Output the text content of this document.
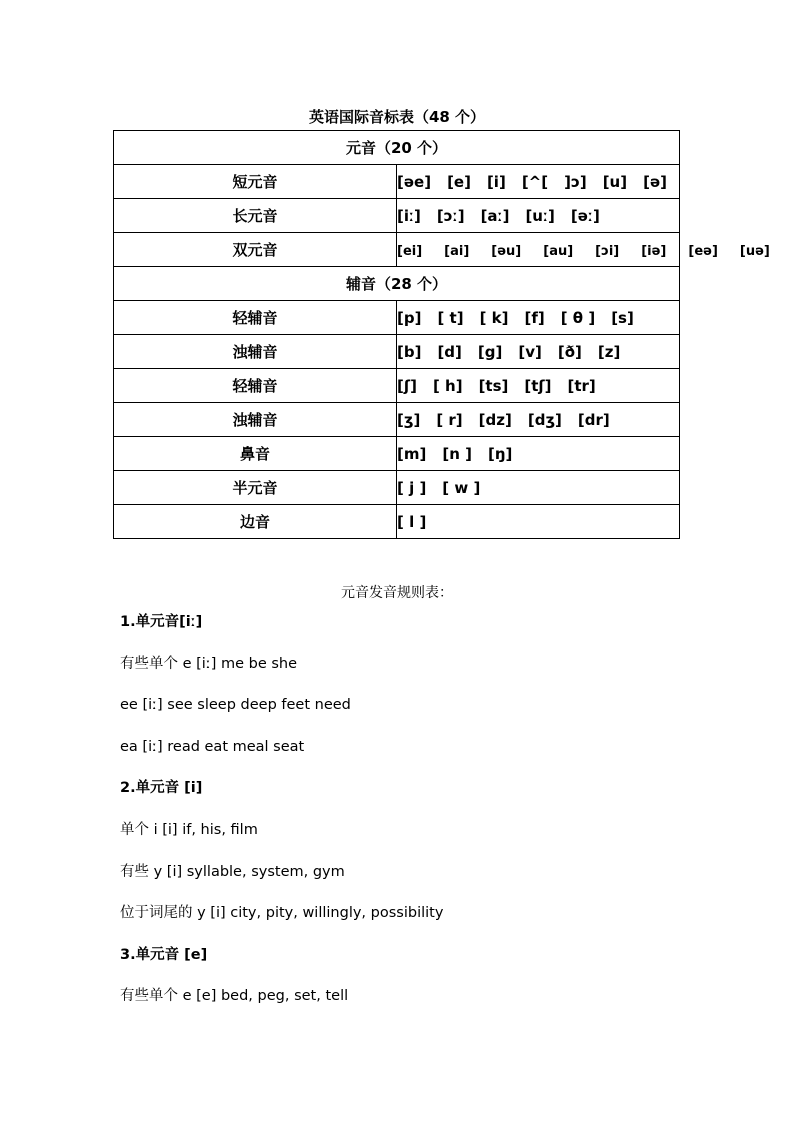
英语国际音标表（48 个）
元音（20 个）	
短元音	[əe] [e] [i] [^[ ]ɔ] [u] [ə]
长元音	[iː] [ɔː] [aː] [uː] [əː]
双元音	[ei] [ai] [əu] [au] [ɔi] [iə] [eə] [uə]
辅音（28 个）	
轻辅音	[p] [ t] [ k] [f] [ θ ] [s]
浊辅音	[b] [d] [g] [v] [ð] [z]
轻辅音	[ʃ] [ h] [ts] [tʃ] [tr]
浊辅音	[ʒ] [ r] [dz] [dʒ] [dr]
鼻音	[m] [n ] [ŋ]
半元音	[ j ] [ w ]
边音	[ l ]
元音发音规则表：
1.单元音[iː]
有些单个 e [iː] me be she
ee [iː] see sleep deep feet need
ea [iː] read eat meal seat
2.单元音 [i]
单个 i [i] if, his, film
有些 y [i] syllable, system, gym
位于词尾的 y [i] city, pity, willingly, possibility
3.单元音 [e]
有些单个 e [e] bed, peg, set, tell
